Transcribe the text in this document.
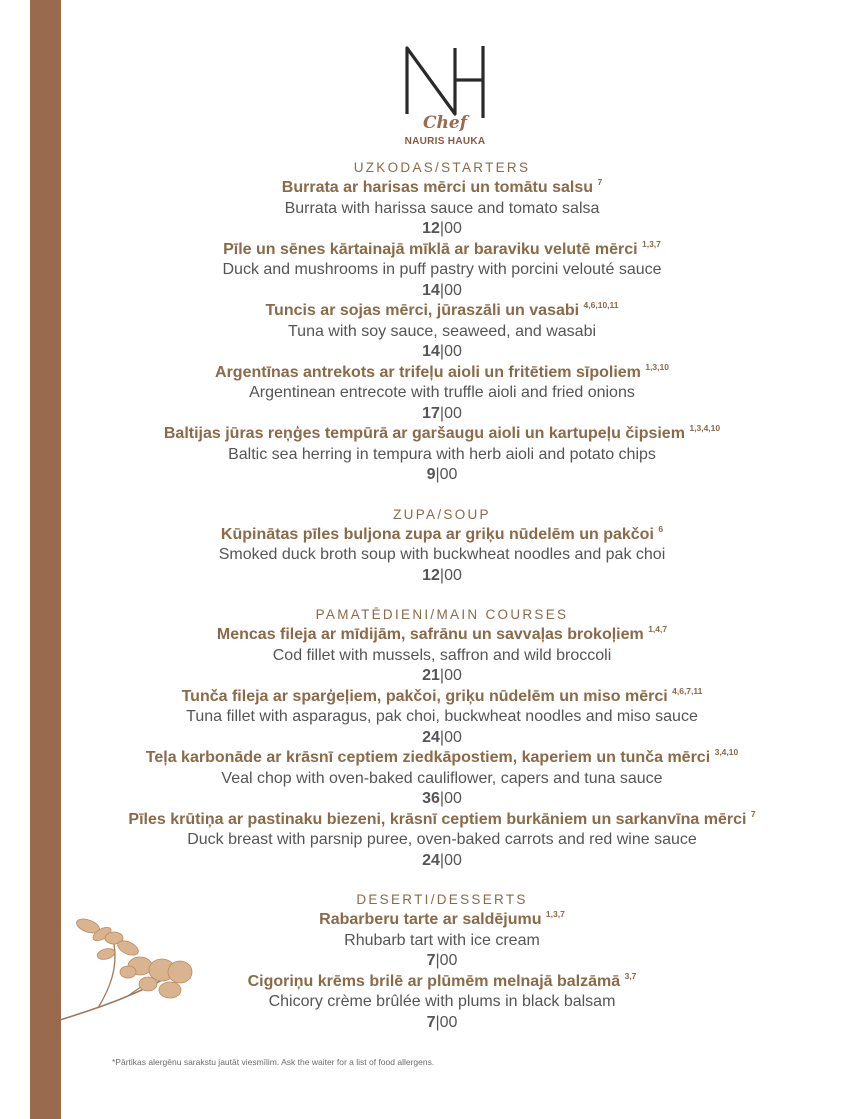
Chef
NAURIS HAUKA
UZKODAS/STARTERS
Burrata ar harisas mērci un tomātu salsu $^7$
Burrata with harissa sauce and tomato salsa
12|00
Pīle un sēnes kārtainajā mīklā ar baraviku velutē mērci $^{1,3,7}$
Duck and mushrooms in puff pastry with porcini velouté sauce
14|00
Tuncis ar sojas mērci, jūraszāli un vasabi $^{4,6,10,11}$
Tuna with soy sauce, seaweed, and wasabi
14|00
Argentīnas antrekots ar trifeļu aioli un fritētiem sīpoliem $^{1,3,10}$
Argentinean entrecote with truffle aioli and fried onions
17|00
Baltijas jūras reņģes tempūrā ar garšaugu aioli un kartupeļu čipsiem $^{1,3,4,10}$
Baltic sea herring in tempura with herb aioli and potato chips
9|00
ZUPA/SOUP
Kūpinātas pīles buljona zupa ar griķu nūdelēm un pakčoi $^6$
Smoked duck broth soup with buckwheat noodles and pak choi
12|00
PAMATĒDIENI/MAIN COURSES
Mencas fileja ar mīdijām, safrānu un savvaļas brokoļiem $^{1,4,7}$
Cod fillet with mussels, saffron and wild broccoli
21|00
Tunča fileja ar sparģeļiem, pakčoi, griķu nūdelēm un miso mērci $^{4,6,7,11}$
Tuna fillet with asparagus, pak choi, buckwheat noodles and miso sauce
24|00
Teļa karbonāde ar krāsnī ceptiem ziedkāpostiem, kaperiem un tunča mērci $^{3,4,10}$
Veal chop with oven-baked cauliflower, capers and tuna sauce
36|00
Pīles krūtiņa ar pastinaku biezeni, krāsnī ceptiem burkāniem un sarkanvīna mērci $^7$
Duck breast with parsnip puree, oven-baked carrots and red wine sauce
24|00
DESERTI/DESSERTS
Rabarberu tarte ar saldējumu $^{1,3,7}$
Rhubarb tart with ice cream
7|00
Cigoriņu krēms brilē ar plūmēm melnajā balzāmā $^{3,7}$
Chicory crème brûlée with plums in black balsam
7|00
*Pārtikas alergēnu sarakstu jautāt viesmīlim. Ask the waiter for a list of food allergens.
